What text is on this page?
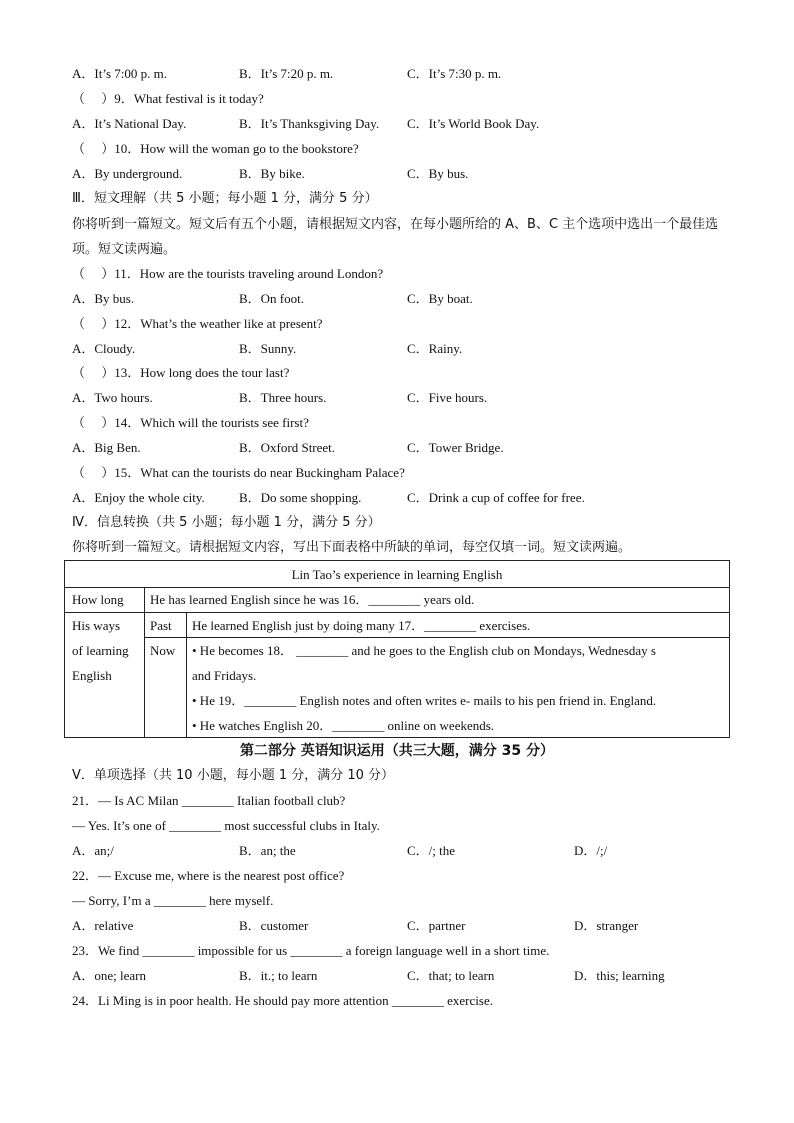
A．It’s 7:00 p. m.	B．It’s 7:20 p. m.	C．It’s 7:30 p. m.
（　 ）9．What festival is it today?
A．It’s National Day.	B．It’s Thanksgiving Day. C．It’s World Book Day.
（　 ）10．How will the woman go to the bookstore?
A．By underground.	B．By bike.	C．By bus.
Ⅲ．短文理解（共 5 小题；每小题 1 分，满分 5 分）
你将听到一篇短文。短文后有五个小题，请根据短文内容，在每小题所给的 A、B、C 主个选项中选出一个最佳选项。短文读两遍。
（　 ）11．How are the tourists traveling around London?
A．By bus.	B．On foot.	C．By boat.
（　 ）12．What’s the weather like at present?
A．Cloudy.	B．Sunny.	C．Rainy.
（　 ）13．How long does the tour last?
A．Two hours.	B．Three hours.	C．Five hours.
（　 ）14．Which will the tourists see first?
A．Big Ben.	B．Oxford Street.	C．Tower Bridge.
（　 ）15．What can the tourists do near Buckingham Palace?
A．Enjoy the whole city.	B．Do some shopping.	C．Drink a cup of coffee for free.
Ⅳ．信息转换（共 5 小题；每小题 1 分，满分 5 分）
你将听到一篇短文。请根据短文内容，写出下面表格中所缺的单词，每空仅填一词。短文读两遍。
Lin Tao’s experience in learning English
How long He has learned English since he was 16．________ years old.
His ways
of learning
English
Past He learned English just by doing many 17．________ exercises.
Now • He becomes 18． ________ and he goes to the English club on Mondays, Wednesday s
and Fridays.
• He 19．________ English notes and often writes e- mails to his pen friend in. England.
• He watches English 20．________ online on weekends.
第二部分 英语知识运用（共三大题，满分 35 分）
Ⅴ．单项选择（共 10 小题，每小题 1 分，满分 10 分）
21．— Is AC Milan ________ Italian football club?
— Yes. It’s one of ________ most successful clubs in Italy.
A．an;/	B．an; the	C．/; the	D．/;/
22．— Excuse me, where is the nearest post office?
— Sorry, I’m a ________ here myself.
A．relative	B．customer	C．partner	D．stranger
23．We find ________ impossible for us ________ a foreign language well in a short time.
A．one; learn	B．it.; to learn	C．that; to learn	D．this; learning
24．Li Ming is in poor health. He should pay more attention ________ exercise.
